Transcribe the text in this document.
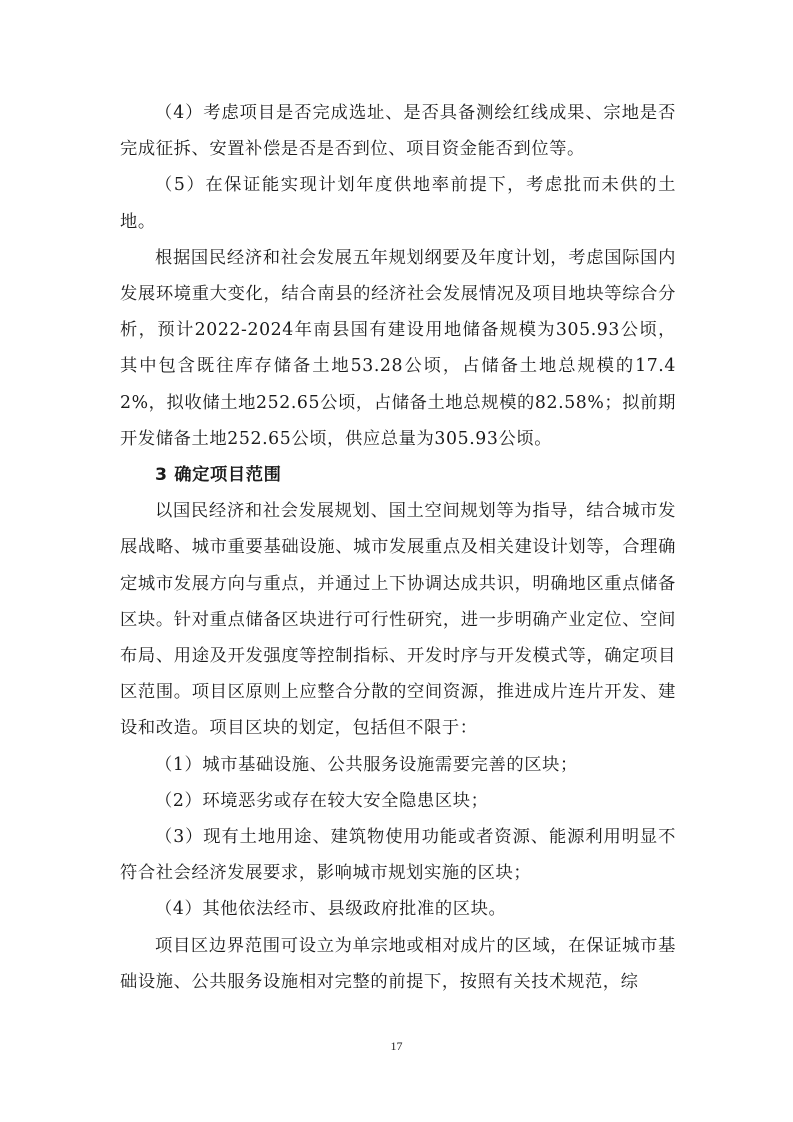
（4）考虑项目是否完成选址、是否具备测绘红线成果、宗地是否完成征拆、安置补偿是否是否到位、项目资金能否到位等。

（5）在保证能实现计划年度供地率前提下，考虑批而未供的土地。

根据国民经济和社会发展五年规划纲要及年度计划，考虑国际国内发展环境重大变化，结合南县的经济社会发展情况及项目地块等综合分析，预计2022-2024年南县国有建设用地储备规模为305.93公顷，其中包含既往库存储备土地53.28公顷，占储备土地总规模的17.42%，拟收储土地252.65公顷，占储备土地总规模的82.58%；拟前期开发储备土地252.65公顷，供应总量为305.93公顷。

3 确定项目范围

以国民经济和社会发展规划、国土空间规划等为指导，结合城市发展战略、城市重要基础设施、城市发展重点及相关建设计划等，合理确定城市发展方向与重点，并通过上下协调达成共识，明确地区重点储备区块。针对重点储备区块进行可行性研究，进一步明确产业定位、空间布局、用途及开发强度等控制指标、开发时序与开发模式等，确定项目区范围。项目区原则上应整合分散的空间资源，推进成片连片开发、建设和改造。项目区块的划定，包括但不限于：

（1）城市基础设施、公共服务设施需要完善的区块；

（2）环境恶劣或存在较大安全隐患区块；

（3）现有土地用途、建筑物使用功能或者资源、能源利用明显不符合社会经济发展要求，影响城市规划实施的区块；

（4）其他依法经市、县级政府批准的区块。

项目区边界范围可设立为单宗地或相对成片的区域，在保证城市基础设施、公共服务设施相对完整的前提下，按照有关技术规范，综

17
